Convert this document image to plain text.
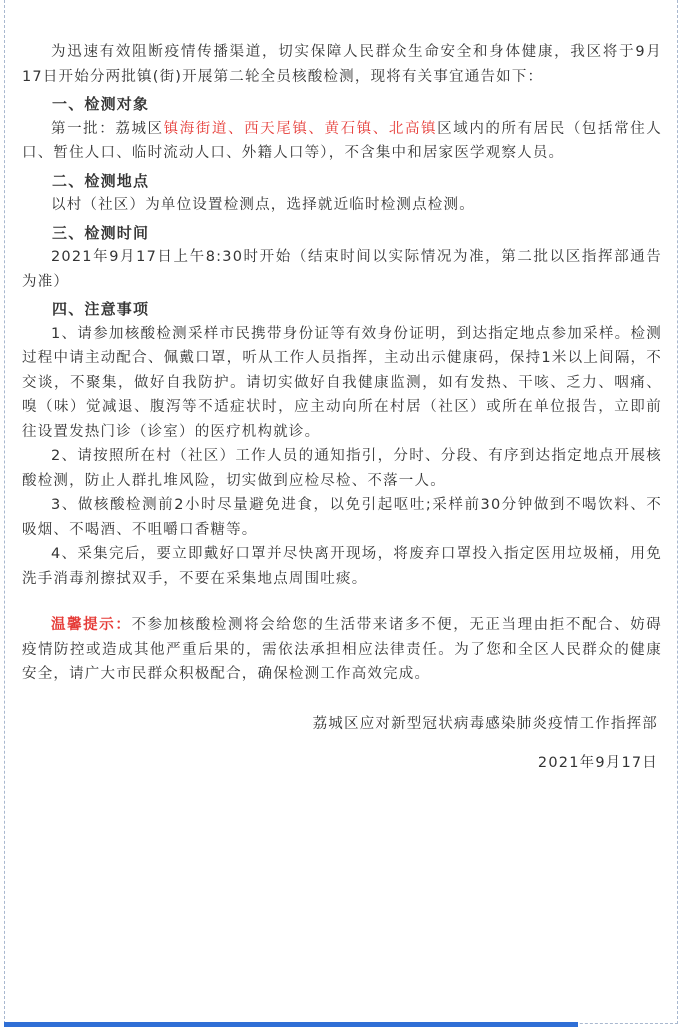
为迅速有效阻断疫情传播渠道，切实保障人民群众生命安全和身体健康，我区将于9月17日开始分两批镇(街)开展第二轮全员核酸检测，现将有关事宜通告如下：

一、检测对象

第一批：荔城区镇海街道、西天尾镇、黄石镇、北高镇区域内的所有居民（包括常住人口、暂住人口、临时流动人口、外籍人口等），不含集中和居家医学观察人员。

二、检测地点

以村（社区）为单位设置检测点，选择就近临时检测点检测。

三、检测时间

2021年9月17日上午8:30时开始（结束时间以实际情况为准，第二批以区指挥部通告为准）

四、注意事项

1、请参加核酸检测采样市民携带身份证等有效身份证明，到达指定地点参加采样。检测过程中请主动配合、佩戴口罩，听从工作人员指挥，主动出示健康码，保持1米以上间隔，不交谈，不聚集，做好自我防护。请切实做好自我健康监测，如有发热、干咳、乏力、咽痛、嗅（味）觉减退、腹泻等不适症状时，应主动向所在村居（社区）或所在单位报告，立即前往设置发热门诊（诊室）的医疗机构就诊。

2、请按照所在村（社区）工作人员的通知指引，分时、分段、有序到达指定地点开展核酸检测，防止人群扎堆风险，切实做到应检尽检、不落一人。

3、做核酸检测前2小时尽量避免进食，以免引起呕吐;采样前30分钟做到不喝饮料、不吸烟、不喝酒、不咀嚼口香糖等。

4、采集完后，要立即戴好口罩并尽快离开现场，将废弃口罩投入指定医用垃圾桶，用免洗手消毒剂擦拭双手，不要在采集地点周围吐痰。

温馨提示：不参加核酸检测将会给您的生活带来诸多不便，无正当理由拒不配合、妨碍疫情防控或造成其他严重后果的，需依法承担相应法律责任。为了您和全区人民群众的健康安全，请广大市民群众积极配合，确保检测工作高效完成。

荔城区应对新型冠状病毒感染肺炎疫情工作指挥部

2021年9月17日
